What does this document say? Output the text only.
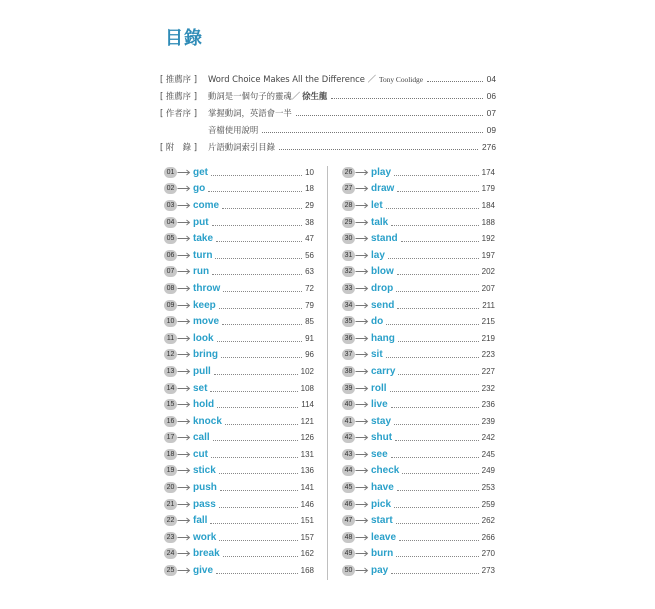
目錄
[ 推薦序 ]	Word Choice Makes All the Difference ／ Tony Coolidge	04
[ 推薦序 ]	動詞是一個句子的靈魂／ 徐生龍	06
[ 作者序 ]	掌握動詞，英語會一半	07
音檔使用說明	09
[ 附　錄 ]	片語動詞索引目錄	276
01 get	10
02 go	18
03 come	29
04 put	38
05 take	47
06 turn	56
07 run	63
08 throw	72
09 keep	79
10 move	85
11 look	91
12 bring	96
13 pull	102
14 set	108
15 hold	114
16 knock	121
17 call	126
18 cut	131
19 stick	136
20 push	141
21 pass	146
22 fall	151
23 work	157
24 break	162
25 give	168
26 play	174
27 draw	179
28 let	184
29 talk	188
30 stand	192
31 lay	197
32 blow	202
33 drop	207
34 send	211
35 do	215
36 hang	219
37 sit	223
38 carry	227
39 roll	232
40 live	236
41 stay	239
42 shut	242
43 see	245
44 check	249
45 have	253
46 pick	259
47 start	262
48 leave	266
49 burn	270
50 pay	273
